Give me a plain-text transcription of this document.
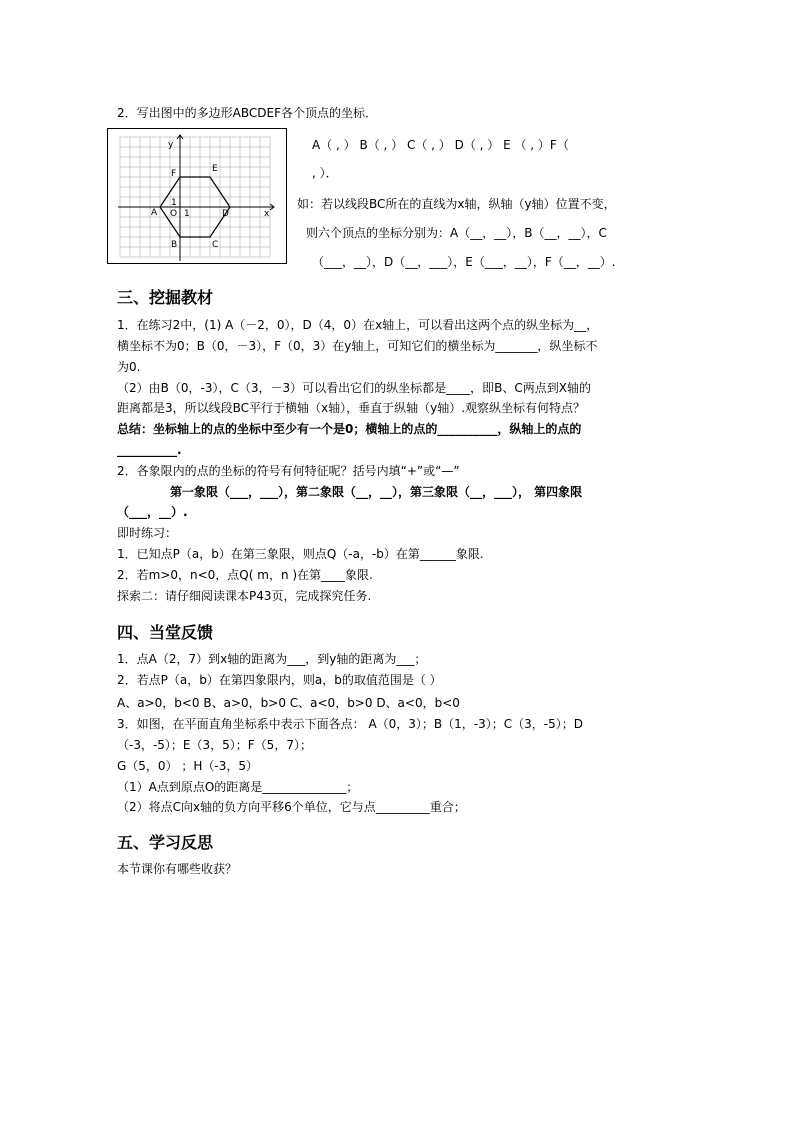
2．写出图中的多边形ABCDEF各个顶点的坐标．
y
x
A
B	C
D
E
F
O
1
1
A（ , ） B（ , ） C（ , ） D（ , ） E （ , ）F（
, ）．
如：若以线段BC所在的直线为x轴，纵轴（y轴）位置不变，
则六个顶点的坐标分别为：A（__，__），B（__，__），C
（___，__），D（__，___），E（___，__），F（__，__）.
三、挖掘教材
1．在练习2中，(1) A（－2，0），D（4，0）在x轴上，可以看出这两个点的纵坐标为__，
横坐标不为0；B（0，－3），F（0，3）在y轴上，可知它们的横坐标为_______，纵坐标不
为0.
（2）由B（0，-3），C（3，－3）可以看出它们的纵坐标都是____，即B、C两点到X轴的
距离都是3，所以线段BC平行于横轴（x轴），垂直于纵轴（y轴）.观察纵坐标有何特点？
总结：坐标轴上的点的坐标中至少有一个是0；横轴上的点的__________，纵轴上的点的
__________.
2．各象限内的点的坐标的符号有何特征呢？括号内填“+”或“—”
第一象限（___，___），第二象限（__，__），第三象限（__，___）， 第四象限
（___，__）.
即时练习：
1．已知点P（a，b）在第三象限，则点Q（-a，-b）在第______象限.
2．若m>0，n<0，点Q( m，n )在第____象限.
探索二：请仔细阅读课本P43页，完成探究任务.
四、当堂反馈
1．点A（2，7）到x轴的距离为___，到y轴的距离为___；
2．若点P（a，b）在第四象限内，则a，b的取值范围是（ ）
A、a>0，b<0 B、a>0，b>0 C、a<0，b>0 D、a<0，b<0
3．如图，在平面直角坐标系中表示下面各点： A（0，3）；B（1，-3）；C（3，-5）；D
（-3，-5）；E（3，5）；F（5，7）；
G（5，0） ；H（-3，5）
（1）A点到原点O的距离是______________；
（2）将点C向x轴的负方向平移6个单位，它与点_________重合；
五、学习反思
本节课你有哪些收获？
